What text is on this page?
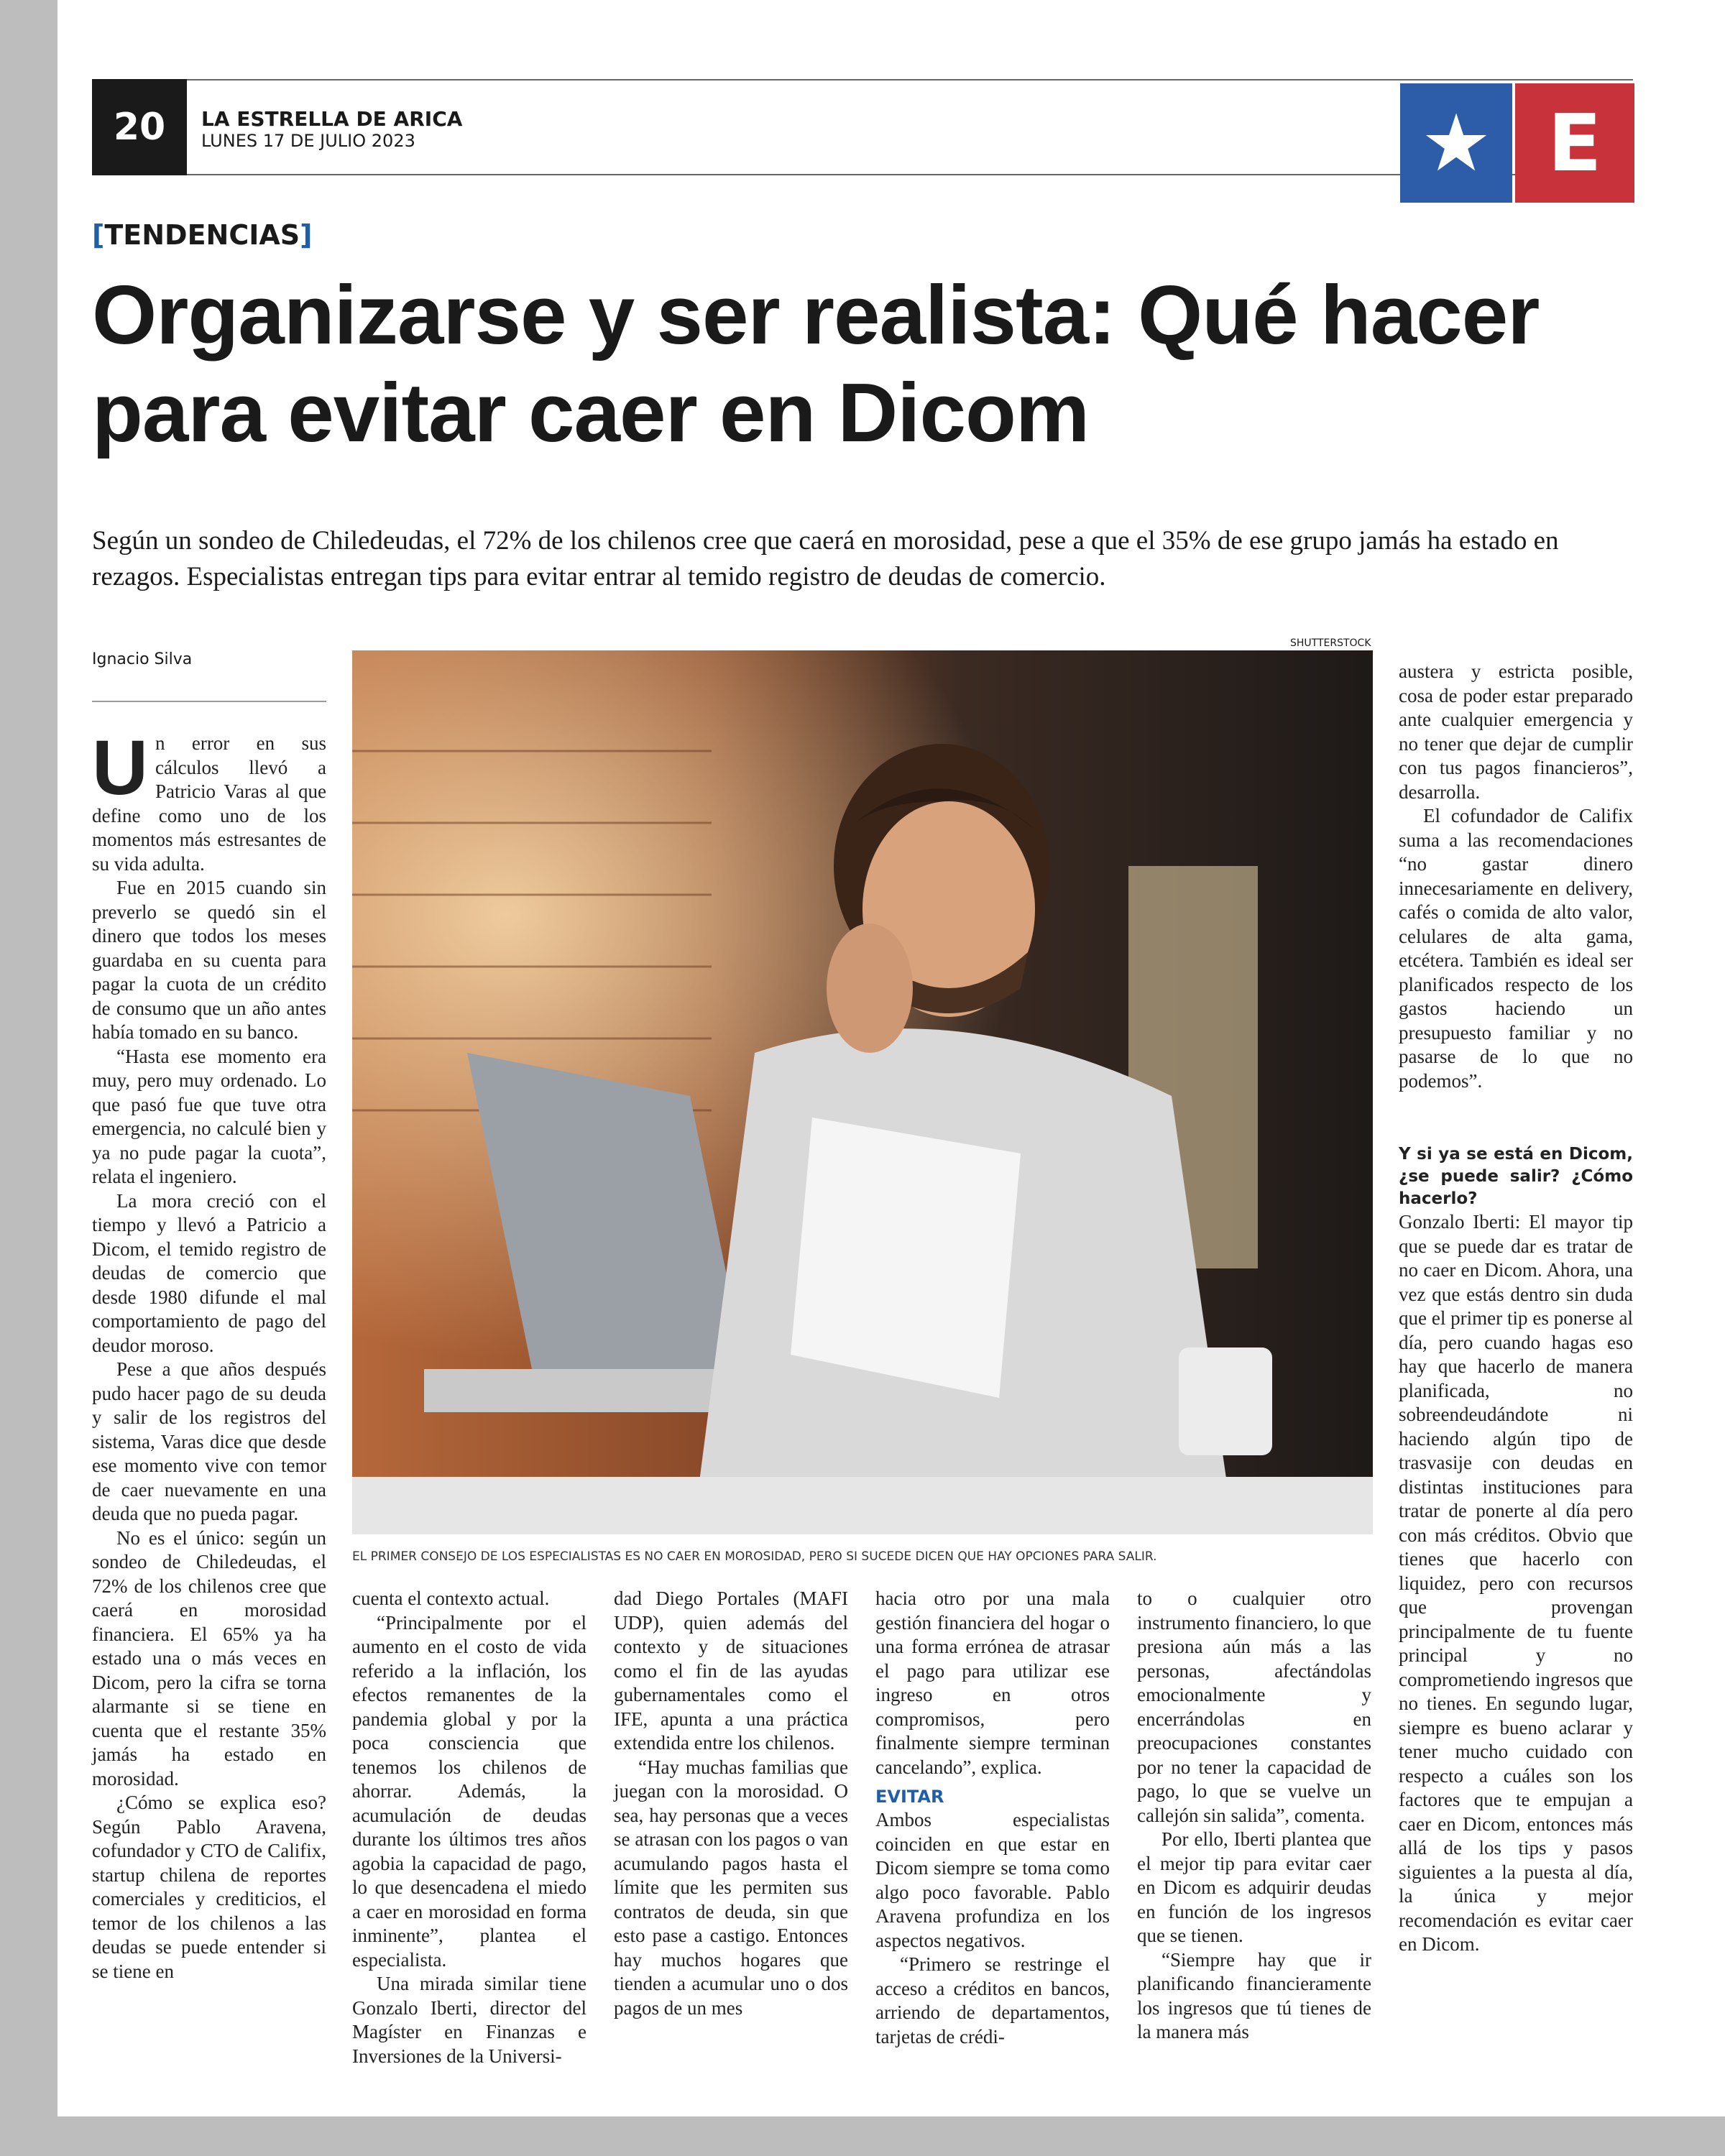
20	LA ESTRELLA DE ARICA
LUNES 17 DE JULIO 2023	★ E
[TENDENCIAS]
Organizarse y ser realista: Qué hacer para evitar caer en Dicom

Según un sondeo de Chiledeudas, el 72% de los chilenos cree que caerá en morosidad, pese a que el 35% de ese grupo jamás ha estado en rezagos. Especialistas entregan tips para evitar entrar al temido registro de deudas de comercio.

Ignacio Silva
SHUTTERSTOCK
EL PRIMER CONSEJO DE LOS ESPECIALISTAS ES NO CAER EN MOROSIDAD, PERO SI SUCEDE DICEN QUE HAY OPCIONES PARA SALIR.

Un error en sus cálculos llevó a Patricio Varas al que define como uno de los momentos más estresantes de su vida adulta.

Fue en 2015 cuando sin preverlo se quedó sin el dinero que todos los meses guardaba en su cuenta para pagar la cuota de un crédito de consumo que un año antes había tomado en su banco.

“Hasta ese momento era muy, pero muy ordenado. Lo que pasó fue que tuve otra emergencia, no calculé bien y ya no pude pagar la cuota”, relata el ingeniero.

La mora creció con el tiempo y llevó a Patricio a Dicom, el temido registro de deudas de comercio que desde 1980 difunde el mal comportamiento de pago del deudor moroso.

Pese a que años después pudo hacer pago de su deuda y salir de los registros del sistema, Varas dice que desde ese momento vive con temor de caer nuevamente en una deuda que no pueda pagar.

No es el único: según un sondeo de Chiledeudas, el 72% de los chilenos cree que caerá en morosidad financiera. El 65% ya ha estado una o más veces en Dicom, pero la cifra se torna alarmante si se tiene en cuenta que el restante 35% jamás ha estado en morosidad.

¿Cómo se explica eso? Según Pablo Aravena, cofundador y CTO de Califix, startup chilena de reportes comerciales y crediticios, el temor de los chilenos a las deudas se puede entender si se tiene en

cuenta el contexto actual.

“Principalmente por el aumento en el costo de vida referido a la inflación, los efectos remanentes de la pandemia global y por la poca consciencia que tenemos los chilenos de ahorrar. Además, la acumulación de deudas durante los últimos tres años agobia la capacidad de pago, lo que desencadena el miedo a caer en morosidad en forma inminente”, plantea el especialista.

Una mirada similar tiene Gonzalo Iberti, director del Magíster en Finanzas e Inversiones de la Universi-

dad Diego Portales (MAFI UDP), quien además del contexto y de situaciones como el fin de las ayudas gubernamentales como el IFE, apunta a una práctica extendida entre los chilenos.

“Hay muchas familias que juegan con la morosidad. O sea, hay personas que a veces se atrasan con los pagos o van acumulando pagos hasta el límite que les permiten sus contratos de deuda, sin que esto pase a castigo. Entonces hay muchos hogares que tienden a acumular uno o dos pagos de un mes

hacia otro por una mala gestión financiera del hogar o una forma errónea de atrasar el pago para utilizar ese ingreso en otros compromisos, pero finalmente siempre terminan cancelando”, explica.

EVITAR

Ambos especialistas coinciden en que estar en Dicom siempre se toma como algo poco favorable. Pablo Aravena profundiza en los aspectos negativos.

“Primero se restringe el acceso a créditos en bancos, arriendo de departamentos, tarjetas de crédi-

to o cualquier otro instrumento financiero, lo que presiona aún más a las personas, afectándolas emocionalmente y encerrándolas en preocupaciones constantes por no tener la capacidad de pago, lo que se vuelve un callejón sin salida”, comenta.

Por ello, Iberti plantea que el mejor tip para evitar caer en Dicom es adquirir deudas en función de los ingresos que se tienen.

“Siempre hay que ir planificando financieramente los ingresos que tú tienes de la manera más

austera y estricta posible, cosa de poder estar preparado ante cualquier emergencia y no tener que dejar de cumplir con tus pagos financieros”, desarrolla.

El cofundador de Califix suma a las recomendaciones “no gastar dinero innecesariamente en delivery, cafés o comida de alto valor, celulares de alta gama, etcétera. También es ideal ser planificados respecto de los gastos haciendo un presupuesto familiar y no pasarse de lo que no podemos”.

Y si ya se está en Dicom, ¿se puede salir? ¿Cómo hacerlo?

Gonzalo Iberti: El mayor tip que se puede dar es tratar de no caer en Dicom. Ahora, una vez que estás dentro sin duda que el primer tip es ponerse al día, pero cuando hagas eso hay que hacerlo de manera planificada, no sobreendeudándote ni haciendo algún tipo de trasvasije con deudas en distintas instituciones para tratar de ponerte al día pero con más créditos. Obvio que tienes que hacerlo con liquidez, pero con recursos que provengan principalmente de tu fuente principal y no comprometiendo ingresos que no tienes. En segundo lugar, siempre es bueno aclarar y tener mucho cuidado con respecto a cuáles son los factores que te empujan a caer en Dicom, entonces más allá de los tips y pasos siguientes a la puesta al día, la única y mejor recomendación es evitar caer en Dicom.
